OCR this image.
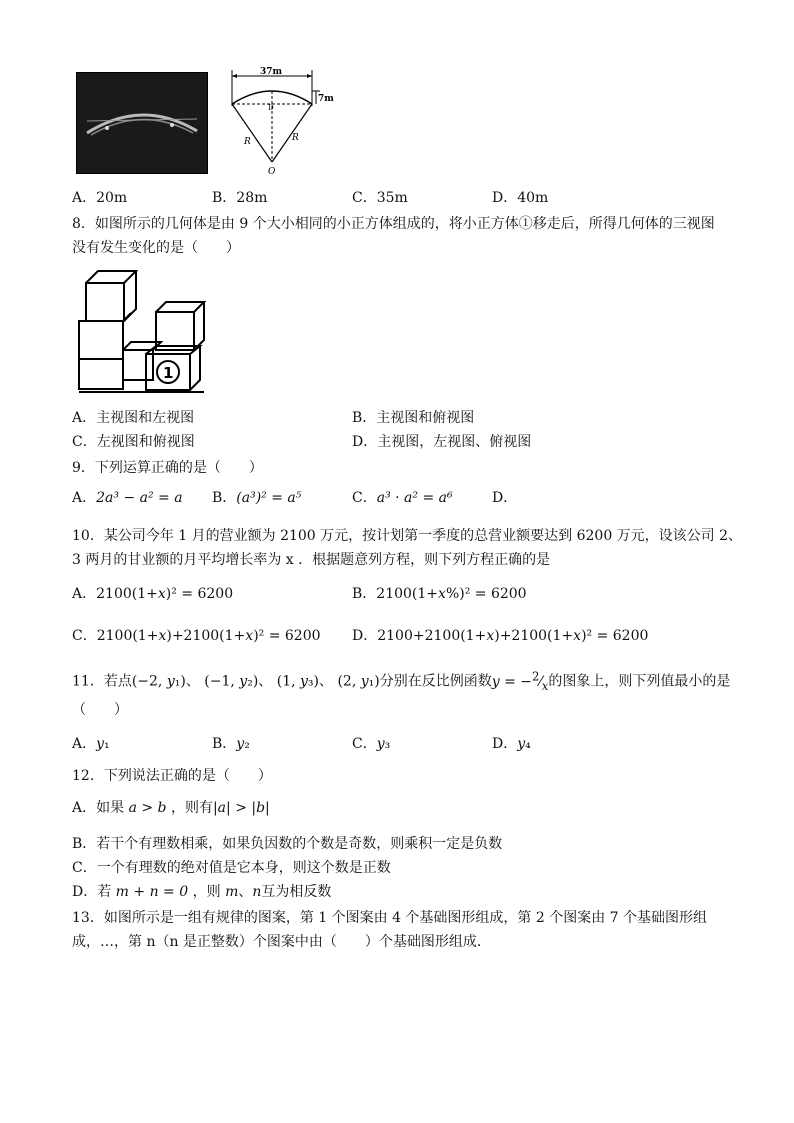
37m
7m
D
R	R
O
A．20m	B．28m	C．35m	D．40m
8．如图所示的几何体是由 9 个大小相同的小正方体组成的，将小正方体①移走后，所得几何体的三视图
没有发生变化的是（　　）
1
A．主视图和左视图	B．主视图和俯视图
C．左视图和俯视图	D．主视图，左视图、俯视图
9．下列运算正确的是（　　）
A．2a³ − a² = a B．(a³)² = a⁵	C．a³ · a² = a⁶	D．
10．某公司今年 1 月的营业额为 2100 万元，按计划第一季度的总营业额要达到 6200 万元，设该公司 2、
3 两月的甘业额的月平均增长率为 x ．根据题意列方程，则下列方程正确的是
A．2100(1+x)² = 6200	B．2100(1+x%)² = 6200
C．2100(1+x)+2100(1+x)² = 6200 D．2100+2100(1+x)+2100(1+x)² = 6200
11．若点(−2, y₁)、 (−1, y₂)、 (1, y₃)、 (2, y₁)分别在反比例函数$y = -^2⁄_x$的图象上，则下列值最小的是
（　　）
A．y₁	B．y₂	C．y₃	D．y₄
12．下列说法正确的是（　　）
A．如果 a > b ，则有|a| > |b|
B．若干个有理数相乘，如果负因数的个数是奇数，则乘积一定是负数
C．一个有理数的绝对值是它本身，则这个数是正数
D．若 m + n = 0 ，则 m、n互为相反数
13．如图所示是一组有规律的图案，第 1 个图案由 4 个基础图形组成，第 2 个图案由 7 个基础图形组
成，…，第 n（n 是正整数）个图案中由（　　）个基础图形组成．
